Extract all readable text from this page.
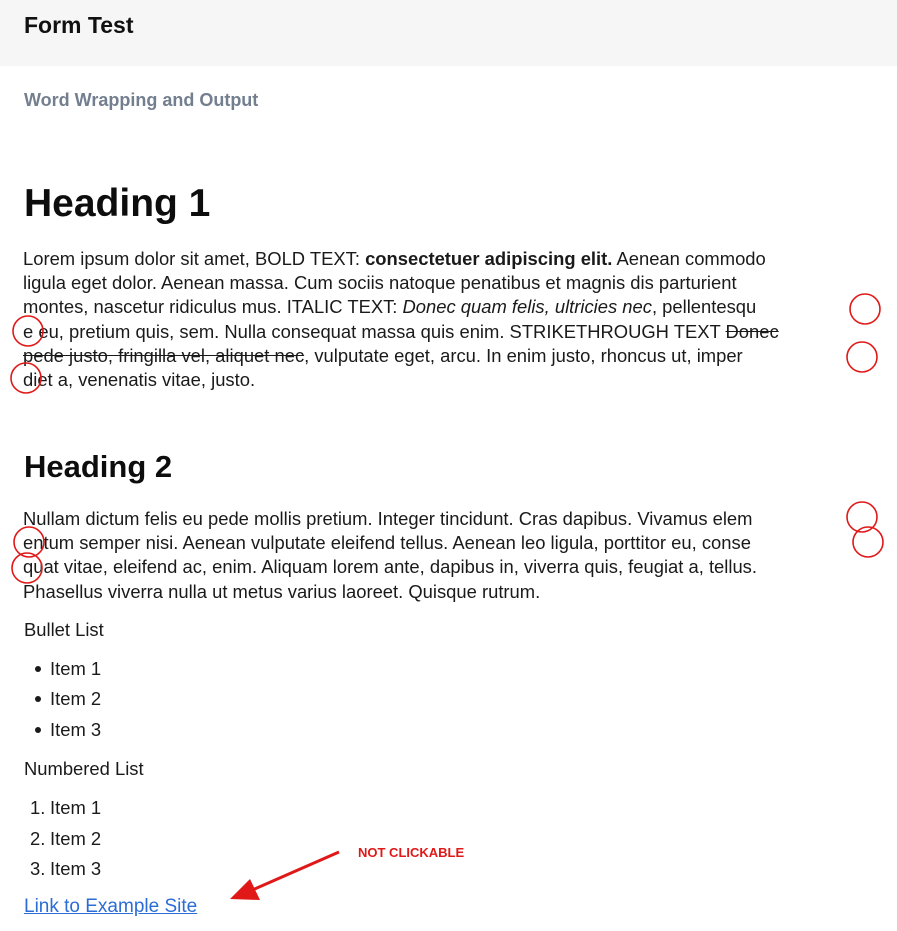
Form Test
Word Wrapping and Output
Heading 1

Lorem ipsum dolor sit amet, BOLD TEXT: consectetuer adipiscing elit. Aenean commodo
ligula eget dolor. Aenean massa. Cum sociis natoque penatibus et magnis dis parturient
montes, nascetur ridiculus mus. ITALIC TEXT: Donec quam felis, ultricies nec, pellentesqu
e eu, pretium quis, sem. Nulla consequat massa quis enim. STRIKETHROUGH TEXT Donec
pede justo, fringilla vel, aliquet nec, vulputate eget, arcu. In enim justo, rhoncus ut, imper
diet a, venenatis vitae, justo.

Heading 2

Nullam dictum felis eu pede mollis pretium. Integer tincidunt. Cras dapibus. Vivamus elem
entum semper nisi. Aenean vulputate eleifend tellus. Aenean leo ligula, porttitor eu, conse
quat vitae, eleifend ac, enim. Aliquam lorem ante, dapibus in, viverra quis, feugiat a, tellus.
Phasellus viverra nulla ut metus varius laoreet. Quisque rutrum.

Bullet List
Item 1
Item 2
Item 3
Numbered List
1. Item 1
2. Item 2
3. Item 3
Link to Example Site
NOT CLICKABLE
